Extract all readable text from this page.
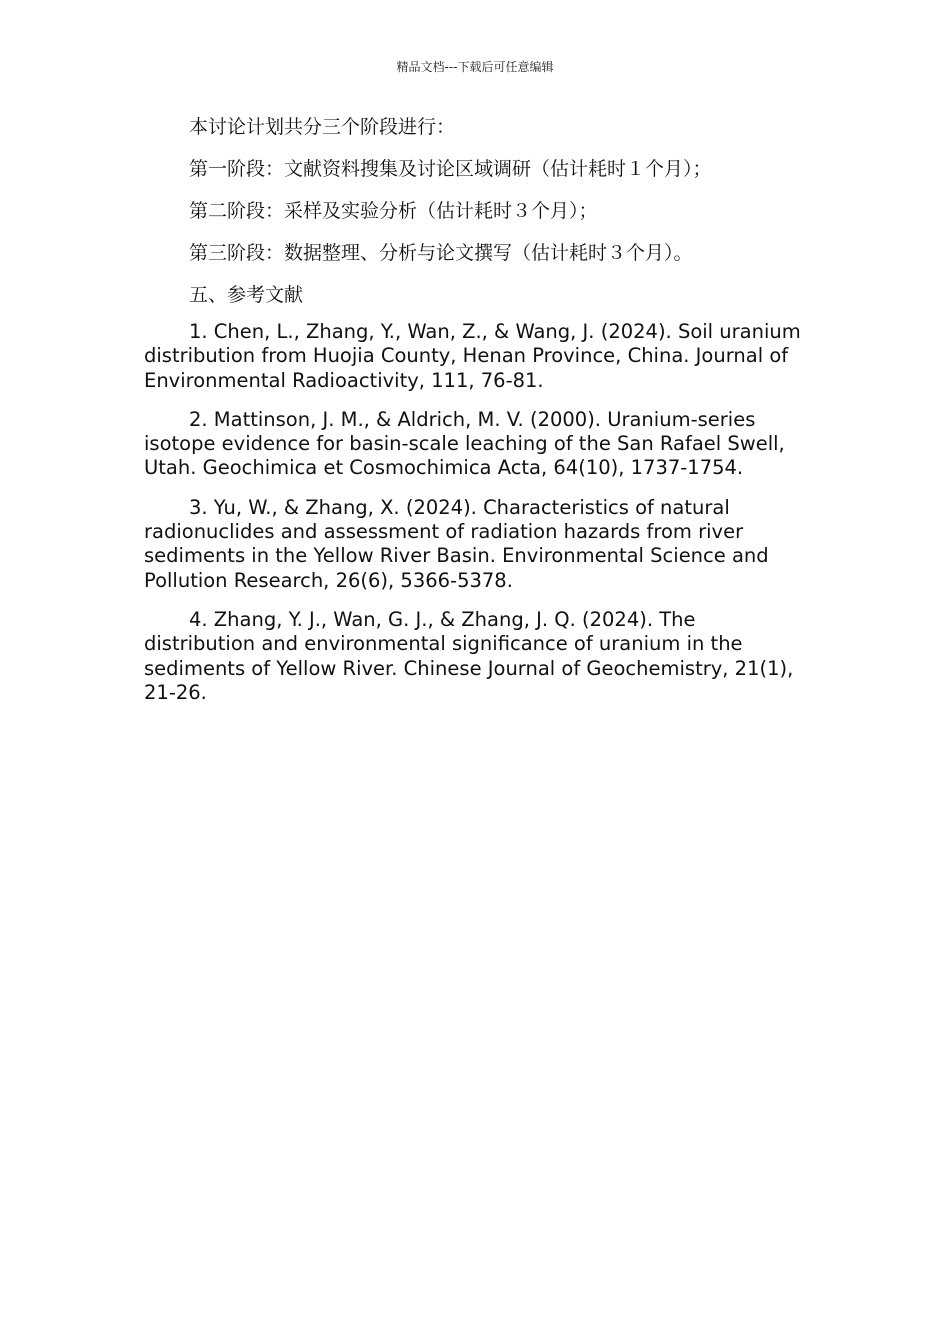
精品文档---下载后可任意编辑

本讨论计划共分三个阶段进行：

第一阶段：文献资料搜集及讨论区域调研（估计耗时１个月）；

第二阶段：采样及实验分析（估计耗时３个月）；

第三阶段：数据整理、分析与论文撰写（估计耗时３个月）。

五、参考文献

1. Chen, L., Zhang, Y., Wan, Z., & Wang, J. (2024). Soil uranium distribution from Huojia County, Henan Province, China. Journal of Environmental Radioactivity, 111, 76-81.

2. Mattinson, J. M., & Aldrich, M. V. (2000). Uranium-series isotope evidence for basin-scale leaching of the San Rafael Swell, Utah. Geochimica et Cosmochimica Acta, 64(10), 1737-1754.

3. Yu, W., & Zhang, X. (2024). Characteristics of natural radionuclides and assessment of radiation hazards from river sediments in the Yellow River Basin. Environmental Science and Pollution Research, 26(6), 5366-5378.

4. Zhang, Y. J., Wan, G. J., & Zhang, J. Q. (2024). The distribution and environmental significance of uranium in the sediments of Yellow River. Chinese Journal of Geochemistry, 21(1), 21-26.
